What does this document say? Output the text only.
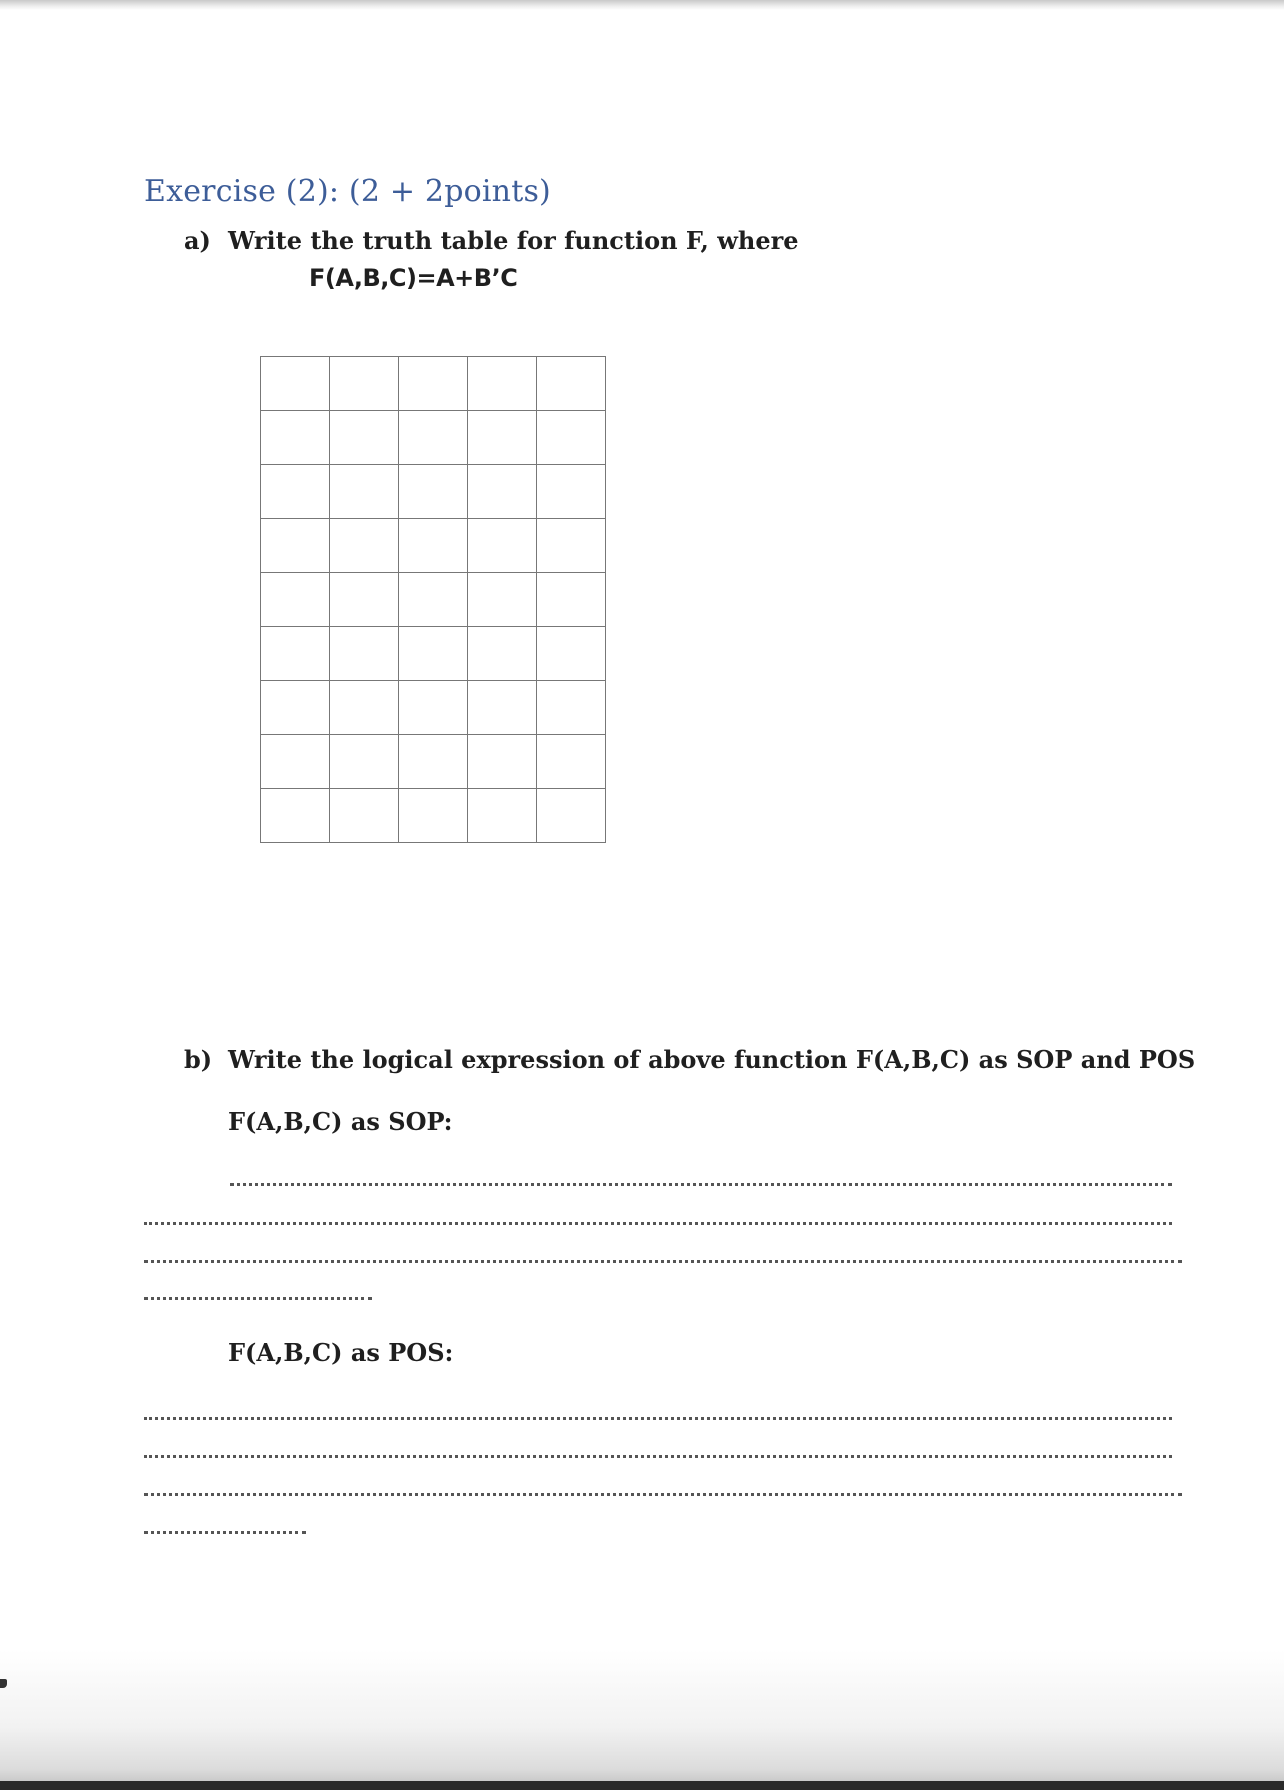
Exercise (2): (2 + 2points)
a) Write the truth table for function F, where
F(A,B,C)=A+B’C

b) Write the logical expression of above function F(A,B,C) as SOP and POS
F(A,B,C) as SOP:
F(A,B,C) as POS:
